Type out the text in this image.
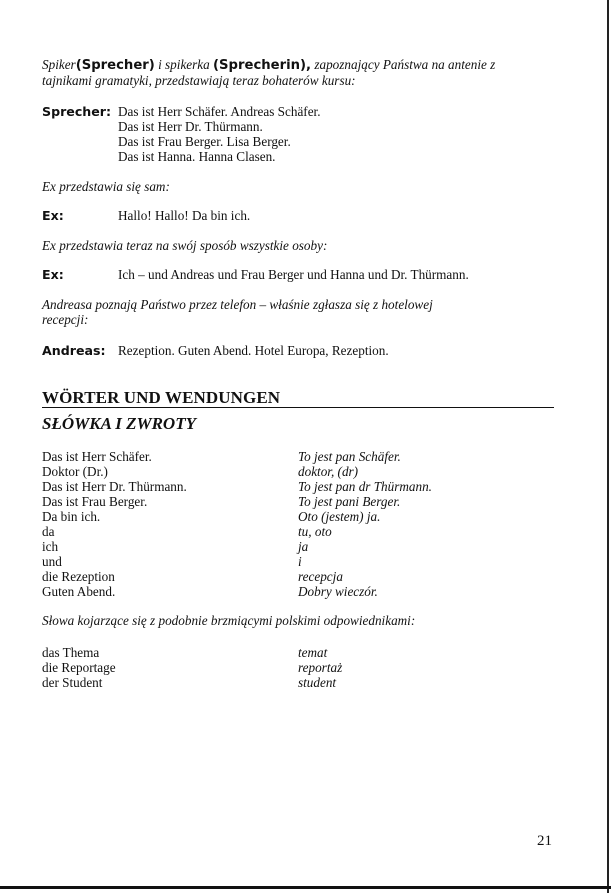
Spiker(Sprecher) i spikerka (Sprecherin), zapoznający Państwa na antenie z
tajnikami gramatyki, przedstawiają teraz bohaterów kursu:
Sprecher: Das ist Herr Schäfer. Andreas Schäfer.
Das ist Herr Dr. Thürmann.
Das ist Frau Berger. Lisa Berger.
Das ist Hanna. Hanna Clasen.
Ex przedstawia się sam:
Ex:	Hallo! Hallo! Da bin ich.
Ex przedstawia teraz na swój sposób wszystkie osoby:
Ex:	Ich – und Andreas und Frau Berger und Hanna und Dr. Thürmann.
Andreasa poznają Państwo przez telefon – właśnie zgłasza się z hotelowej
recepcji:
Andreas: Rezeption. Guten Abend. Hotel Europa, Rezeption.
WÖRTER UND WENDUNGEN
SŁÓWKA I ZWROTY
Das ist Herr Schäfer.
Doktor (Dr.)
Das ist Herr Dr. Thürmann.
Das ist Frau Berger.
Da bin ich.
da
ich
und
die Rezeption
Guten Abend.
To jest pan Schäfer.
doktor, (dr)
To jest pan dr Thürmann.
To jest pani Berger.
Oto (jestem) ja.
tu, oto
ja
i
recepcja
Dobry wieczór.
Słowa kojarzące się z podobnie brzmiącymi polskimi odpowiednikami:
das Thema
die Reportage
der Student
temat
reportaż
student
21
